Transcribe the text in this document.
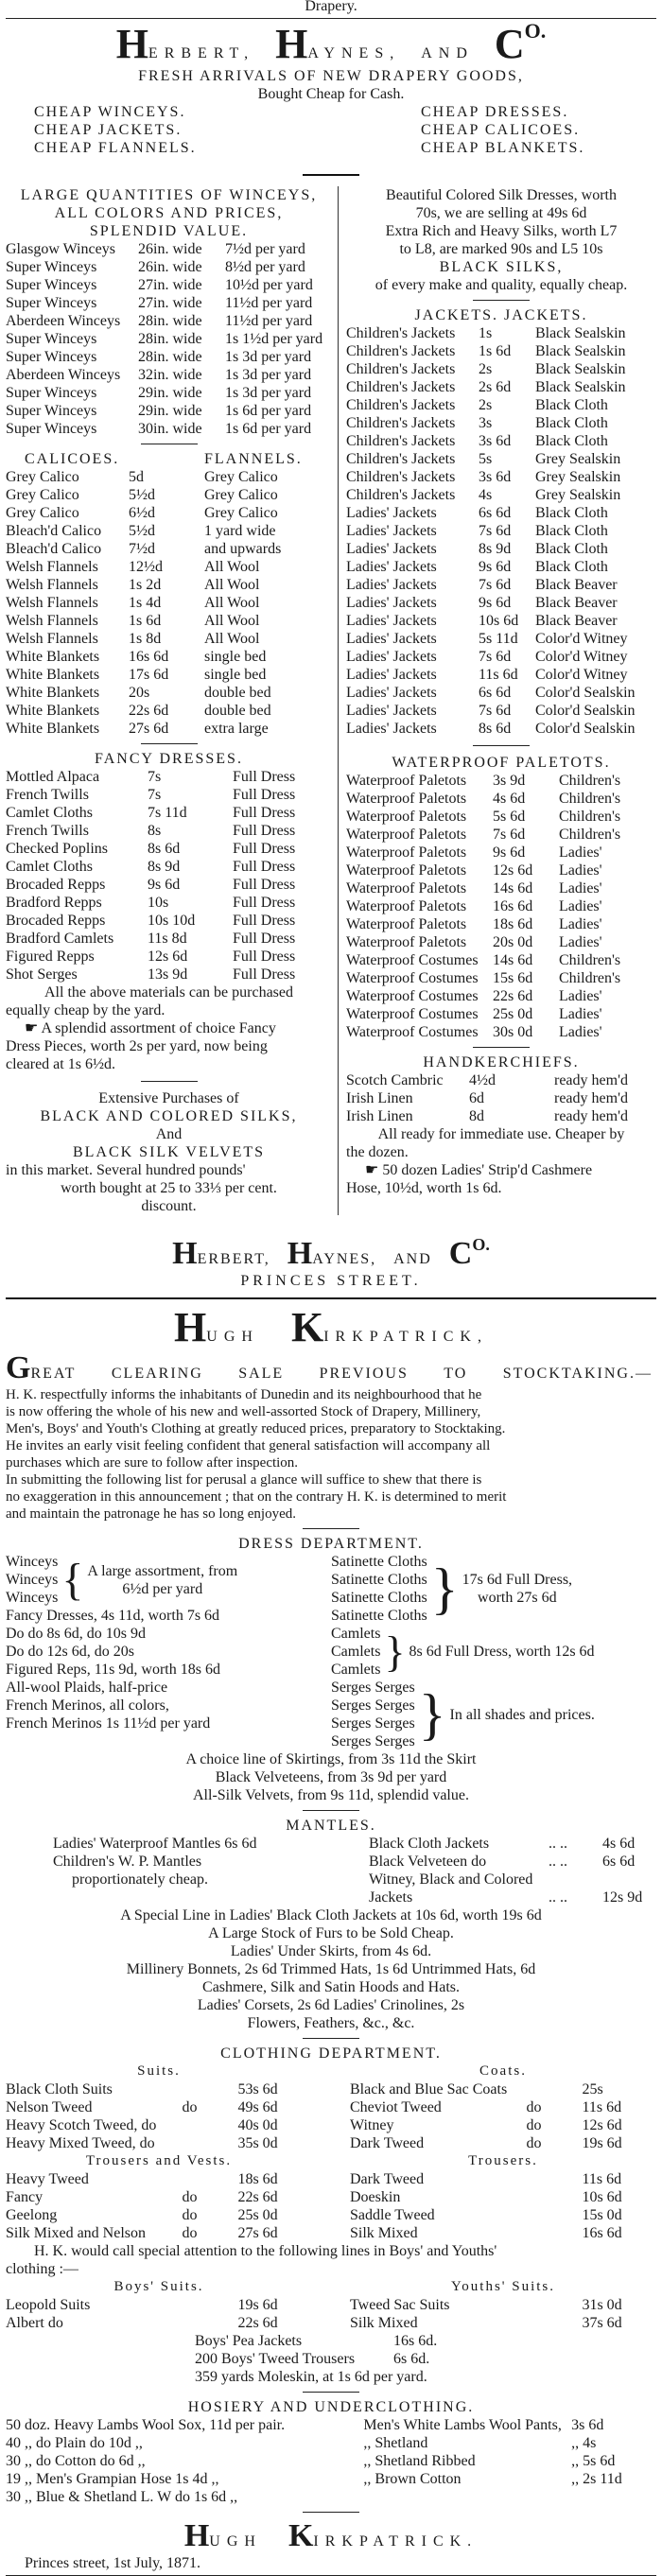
Drapery.
HERBERT, HAYNES, AND CO.
FRESH ARRIVALS OF NEW DRAPERY GOODS,
Bought Cheap for Cash.
CHEAP WINCEYS.
CHEAP JACKETS.
CHEAP FLANNELS.
CHEAP DRESSES.
CHEAP CALICOES.
CHEAP BLANKETS.
LARGE QUANTITIES OF WINCEYS,
ALL COLORS AND PRICES,
SPLENDID VALUE.
Glasgow Winceys	26in. wide	7½d per yard
Super Winceys	26in. wide	8½d per yard
Super Winceys	27in. wide	10½d per yard
Super Winceys	27in. wide	11½d per yard
Aberdeen Winceys	28in. wide	11½d per yard
Super Winceys	28in. wide	1s 1½d per yard
Super Winceys	28in. wide	1s 3d per yard
Aberdeen Winceys	32in. wide	1s 3d per yard
Super Winceys	29in. wide	1s 3d per yard
Super Winceys	29in. wide	1s 6d per yard
Super Winceys	30in. wide	1s 6d per yard
CALICOES.	FLANNELS.
Grey Calico	5d	Grey Calico
Grey Calico	5½d	Grey Calico
Grey Calico	6½d	Grey Calico
Bleach'd Calico	5½d	1 yard wide
Bleach'd Calico	7½d	and upwards
Welsh Flannels	12½d	All Wool
Welsh Flannels	1s 2d	All Wool
Welsh Flannels	1s 4d	All Wool
Welsh Flannels	1s 6d	All Wool
Welsh Flannels	1s 8d	All Wool
White Blankets	16s 6d	single bed
White Blankets	17s 6d	single bed
White Blankets	20s	double bed
White Blankets	22s 6d	double bed
White Blankets	27s 6d	extra large
FANCY DRESSES.
Mottled Alpaca	7s	Full Dress
French Twills	7s	Full Dress
Camlet Cloths	7s 11d	Full Dress
French Twills	8s	Full Dress
Checked Poplins	8s 6d	Full Dress
Camlet Cloths	8s 9d	Full Dress
Brocaded Repps	9s 6d	Full Dress
Bradford Repps	10s	Full Dress
Brocaded Repps	10s 10d	Full Dress
Bradford Camlets	11s 8d	Full Dress
Figured Repps	12s 6d	Full Dress
Shot Serges	13s 9d	Full Dress
All the above materials can be purchased
equally cheap by the yard.
☛ A splendid assortment of choice Fancy
Dress Pieces, worth 2s per yard, now being
cleared at 1s 6½d.
Extensive Purchases of
BLACK AND COLORED SILKS,
And
BLACK SILK VELVETS
in this market. Several hundred pounds'
worth bought at 25 to 33⅓ per cent.
discount.
Beautiful Colored Silk Dresses, worth
70s, we are selling at 49s 6d
Extra Rich and Heavy Silks, worth L7
to L8, are marked 90s and L5 10s
BLACK SILKS,
of every make and quality, equally cheap.
JACKETS. JACKETS.
Children's Jackets	1s	Black Sealskin
Children's Jackets	1s 6d	Black Sealskin
Children's Jackets	2s	Black Sealskin
Children's Jackets	2s 6d	Black Sealskin
Children's Jackets	2s	Black Cloth
Children's Jackets	3s	Black Cloth
Children's Jackets	3s 6d	Black Cloth
Children's Jackets	5s	Grey Sealskin
Children's Jackets	3s 6d	Grey Sealskin
Children's Jackets	4s	Grey Sealskin
Ladies' Jackets	6s 6d	Black Cloth
Ladies' Jackets	7s 6d	Black Cloth
Ladies' Jackets	8s 9d	Black Cloth
Ladies' Jackets	9s 6d	Black Cloth
Ladies' Jackets	7s 6d	Black Beaver
Ladies' Jackets	9s 6d	Black Beaver
Ladies' Jackets	10s 6d	Black Beaver
Ladies' Jackets	5s 11d	Color'd Witney
Ladies' Jackets	7s 6d	Color'd Witney
Ladies' Jackets	11s 6d	Color'd Witney
Ladies' Jackets	6s 6d	Color'd Sealskin
Ladies' Jackets	7s 6d	Color'd Sealskin
Ladies' Jackets	8s 6d	Color'd Sealskin
WATERPROOF PALETOTS.
Waterproof Paletots	3s 9d	Children's
Waterproof Paletots	4s 6d	Children's
Waterproof Paletots	5s 6d	Children's
Waterproof Paletots	7s 6d	Children's
Waterproof Paletots	9s 6d	Ladies'
Waterproof Paletots	12s 6d	Ladies'
Waterproof Paletots	14s 6d	Ladies'
Waterproof Paletots	16s 6d	Ladies'
Waterproof Paletots	18s 6d	Ladies'
Waterproof Paletots	20s 0d	Ladies'
Waterproof Costumes 14s 6d	Children's
Waterproof Costumes 15s 6d	Children's
Waterproof Costumes 22s 6d	Ladies'
Waterproof Costumes 25s 0d	Ladies'
Waterproof Costumes 30s 0d	Ladies'
HANDKERCHIEFS.
Scotch Cambric	4½d	ready hem'd
Irish Linen	6d	ready hem'd
Irish Linen	8d	ready hem'd
All ready for immediate use. Cheaper by
the dozen.
☛ 50 dozen Ladies' Strip'd Cashmere
Hose, 10½d, worth 1s 6d.
HERBERT, HAYNES, AND CO.
PRINCES STREET.
HUGH KIRKPATRICK,
GREAT CLEARING SALE PREVIOUS TO STOCKTAKING.—
H. K. respectfully informs the inhabitants of Dunedin and its neighbourhood that he
is now offering the whole of his new and well-assorted Stock of Drapery, Millinery,
Men's, Boys' and Youth's Clothing at greatly reduced prices, preparatory to Stocktaking.
He invites an early visit feeling confident that general satisfaction will accompany all
purchases which are sure to follow after inspection.
In submitting the following list for perusal a glance will suffice to shew that there is
no exaggeration in this announcement ; that on the contrary H. K. is determined to merit
and maintain the patronage he has so long enjoyed.
DRESS DEPARTMENT.
Winceys
Winceys
Winceys { A large assortment, from
6½d per yard
Fancy Dresses, 4s 11d, worth 7s 6d
Do do 8s 6d, do 10s 9d
Do do 12s 6d, do 20s
Figured Reps, 11s 9d, worth 18s 6d
All-wool Plaids, half-price
French Merinos, all colors,
French Merinos 1s 11½d per yard
Satinette Cloths
Satinette Cloths
Satinette Cloths
Satinette Cloths } 17s 6d Full Dress,
worth 27s 6d
Camlets
Camlets
Camlets } 8s 6d Full Dress, worth 12s 6d
Serges Serges
Serges Serges
Serges Serges
Serges Serges } In all shades and prices.
A choice line of Skirtings, from 3s 11d the Skirt
Black Velveteens, from 3s 9d per yard
All-Silk Velvets, from 9s 11d, splendid value.
MANTLES.
Ladies' Waterproof Mantles 6s 6d
Children's W. P. Mantles
proportionately cheap.
Black Cloth Jackets	.. ..	4s 6d
Black Velveteen do	.. ..	6s 6d
Witney, Black and Colored
Jackets	.. ..	12s 9d
A Special Line in Ladies' Black Cloth Jackets at 10s 6d, worth 19s 6d
A Large Stock of Furs to be Sold Cheap.
Ladies' Under Skirts, from 4s 6d.
Millinery Bonnets, 2s 6d Trimmed Hats, 1s 6d Untrimmed Hats, 6d
Cashmere, Silk and Satin Hoods and Hats.
Ladies' Corsets, 2s 6d Ladies' Crinolines, 2s
Flowers, Feathers, &c., &c.
CLOTHING DEPARTMENT.
Suits.
Black Cloth Suits	53s 6d
Nelson Tweed	do	49s 6d
Heavy Scotch Tweed, do	40s 0d
Heavy Mixed Tweed, do	35s 0d
Trousers and Vests.
Heavy Tweed	18s 6d
Fancy	do	22s 6d
Geelong	do	25s 0d
Silk Mixed and Nelson	do	27s 6d
Coats.
Black and Blue Sac Coats	25s
Cheviot Tweed	do	11s 6d
Witney	do	12s 6d
Dark Tweed	do	19s 6d
Trousers.
Dark Tweed	11s 6d
Doeskin	10s 6d
Saddle Tweed	15s 0d
Silk Mixed	16s 6d
H. K. would call special attention to the following lines in Boys' and Youths'
clothing :—
Boys' Suits.
Leopold Suits	19s 6d
Albert do	22s 6d
Youths' Suits.
Tweed Sac Suits	31s 0d
Silk Mixed	37s 6d
Boys' Pea Jackets	16s 6d.
200 Boys' Tweed Trousers	6s 6d.
359 yards Moleskin, at 1s 6d per yard.
HOSIERY AND UNDERCLOTHING.
50 doz. Heavy Lambs Wool Sox, 11d per pair.
40 ,, do Plain do 10d ,,
30 ,, do Cotton do 6d ,,
19 ,, Men's Grampian Hose 1s 4d ,,
30 ,, Blue & Shetland L. W do 1s 6d ,,
Men's White Lambs Wool Pants, 3s 6d
,, Shetland	,, 4s
,, Shetland Ribbed	,, 5s 6d
,, Brown Cotton	,, 2s 11d
HUGH KIRKPATRICK.
Princes street, 1st July, 1871.
